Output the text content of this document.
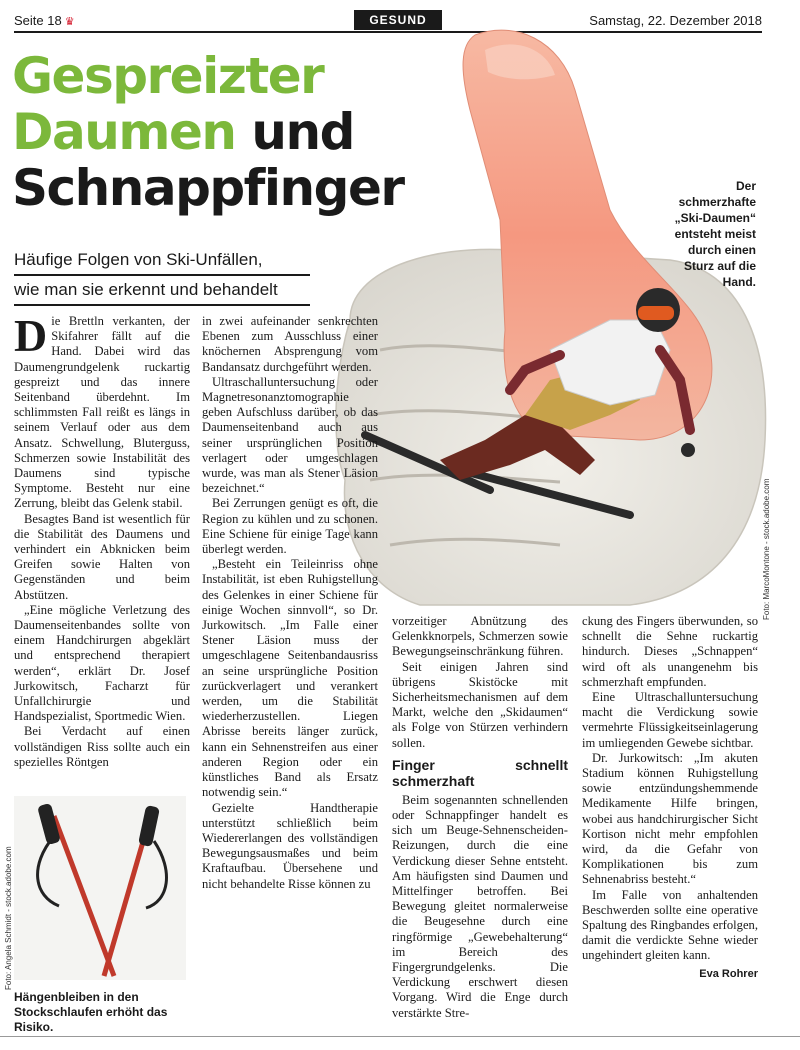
Seite 18 ♛	GESUND	Samstag, 22. Dezember 2018
Gespreizter
Daumen und
Schnappfinger
Häufige Folgen von Ski-Unfällen,
wie man sie erkennt und behandelt
Der schmerzhafte „Ski-Daumen“ entsteht meist durch einen Sturz auf die Hand.
Foto: MarcoMontone - stock.adobe.com

Die Brettln verkanten, der Skifahrer fällt auf die Hand. Dabei wird das Daumengrundgelenk ruckartig gespreizt und das innere Seitenband überdehnt. Im schlimmsten Fall reißt es längs in seinem Verlauf oder aus dem Ansatz. Schwellung, Bluterguss, Schmerzen sowie Instabilität des Daumens sind typische Symptome. Besteht nur eine Zerrung, bleibt das Gelenk stabil.

Besagtes Band ist wesentlich für die Stabilität des Daumens und verhindert ein Abknicken beim Greifen sowie Halten von Gegenständen und beim Abstützen.

„Eine mögliche Verletzung des Daumenseitenbandes sollte von einem Handchirurgen abgeklärt und entsprechend therapiert werden“, erklärt Dr. Josef Jurkowitsch, Facharzt für Unfallchirurgie und Handspezialist, Sportmedic Wien.

Bei Verdacht auf einen vollständigen Riss sollte auch ein spezielles Röntgen

Foto: Angela Schmidt - stock.adobe.com
Hängenbleiben in den Stockschlaufen erhöht das Risiko.

in zwei aufeinander senkrechten Ebenen zum Ausschluss einer knöchernen Absprengung vom Bandansatz durchgeführt werden.

Ultraschalluntersuchung oder Magnetresonanztomographie geben Aufschluss darüber, ob das Daumenseitenband auch aus seiner ursprünglichen Position verlagert oder umgeschlagen wurde, was man als Stener Läsion bezeichnet.“

Bei Zerrungen genügt es oft, die Region zu kühlen und zu schonen. Eine Schiene für einige Tage kann überlegt werden.

„Besteht ein Teileinriss ohne Instabilität, ist eben Ruhigstellung des Gelenkes in einer Schiene für einige Wochen sinnvoll“, so Dr. Jurkowitsch. „Im Falle einer Stener Läsion muss der umgeschlagene Seitenbandausriss an seine ursprüngliche Position zurückverlagert und verankert werden, um die Stabilität wiederherzustellen. Liegen Abrisse bereits länger zurück, kann ein Sehnenstreifen aus einer anderen Region oder ein künstliches Band als Ersatz notwendig sein.“

Gezielte Handtherapie unterstützt schließlich beim Wiedererlangen des vollständigen Bewegungsausmaßes und beim Kraftaufbau. Übersehene und nicht behandelte Risse können zu

vorzeitiger Abnützung des Gelenkknorpels, Schmerzen sowie Bewegungseinschränkung führen.

Seit einigen Jahren sind übrigens Skistöcke mit Sicherheitsmechanismen auf dem Markt, welche den „Skidaumen“ als Folge von Stürzen verhindern sollen.

Finger schnellt schmerzhaft

Beim sogenannten schnellenden oder Schnappfinger handelt es sich um Beuge-Sehnenscheiden-Reizungen, durch die eine Verdickung dieser Sehne entsteht. Am häufigsten sind Daumen und Mittelfinger betroffen. Bei Bewegung gleitet normalerweise die Beugesehne durch eine ringförmige „Gewebehalterung“ im Bereich des Fingergrundgelenks. Die Verdickung erschwert diesen Vorgang. Wird die Enge durch verstärkte Stre-

ckung des Fingers überwunden, so schnellt die Sehne ruckartig hindurch. Dieses „Schnappen“ wird oft als unangenehm bis schmerzhaft empfunden.

Eine Ultraschalluntersuchung macht die Verdickung sowie vermehrte Flüssigkeitseinlagerung im umliegenden Gewebe sichtbar.

Dr. Jurkowitsch: „Im akuten Stadium können Ruhigstellung sowie entzündungshemmende Medikamente Hilfe bringen, wobei aus handchirurgischer Sicht Kortison nicht mehr empfohlen wird, da die Gefahr von Komplikationen bis zum Sehnenabriss besteht.“

Im Falle von anhaltenden Beschwerden sollte eine operative Spaltung des Ringbandes erfolgen, damit die verdickte Sehne wieder ungehindert gleiten kann.

Eva Rohrer
